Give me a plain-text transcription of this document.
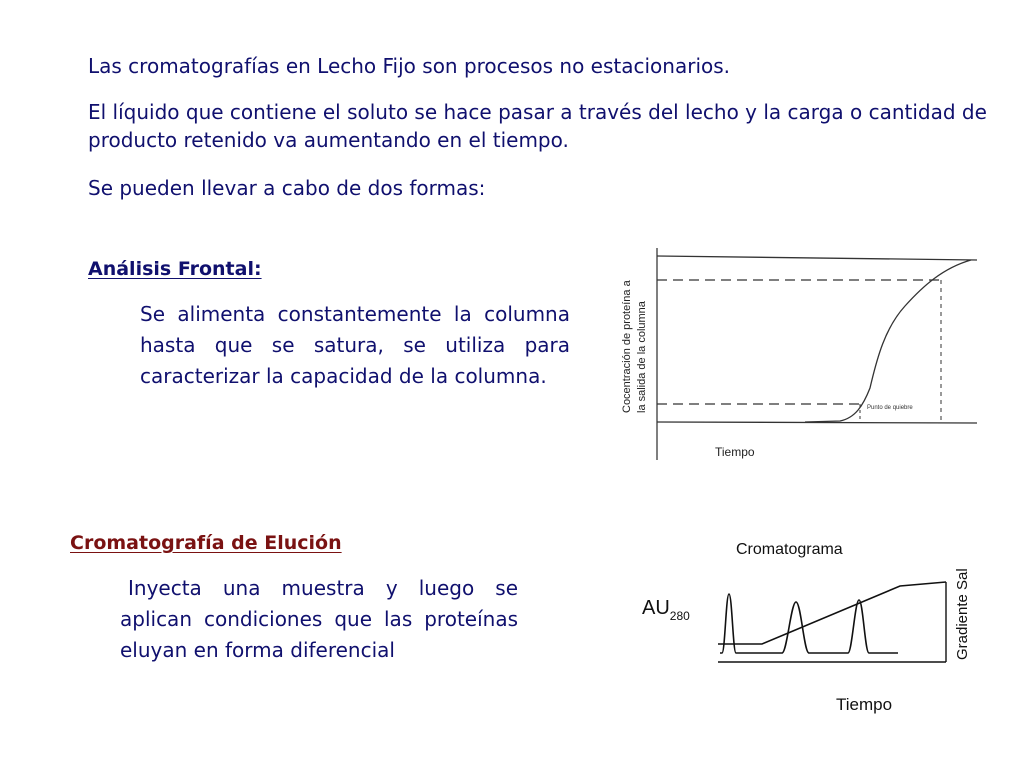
Las cromatografías en Lecho Fijo son procesos no estacionarios.

El líquido que contiene el soluto se hace pasar a través del lecho y la carga o cantidad de producto retenido va aumentando en el tiempo.

Se pueden llevar a cabo de dos formas:

Análisis Frontal:

Se alimenta constantemente la columna hasta que se satura, se utiliza para caracterizar la capacidad de la columna.	Cocentración de proteína a la salida de la columna	Punto de quiebre
Tiempo

Cromatografía de Elución

Inyecta una muestra y luego se aplican condiciones que las proteínas eluyan en forma diferencial

Cromatograma
$AU_{280}$	Gradiente Sal
Tiempo
